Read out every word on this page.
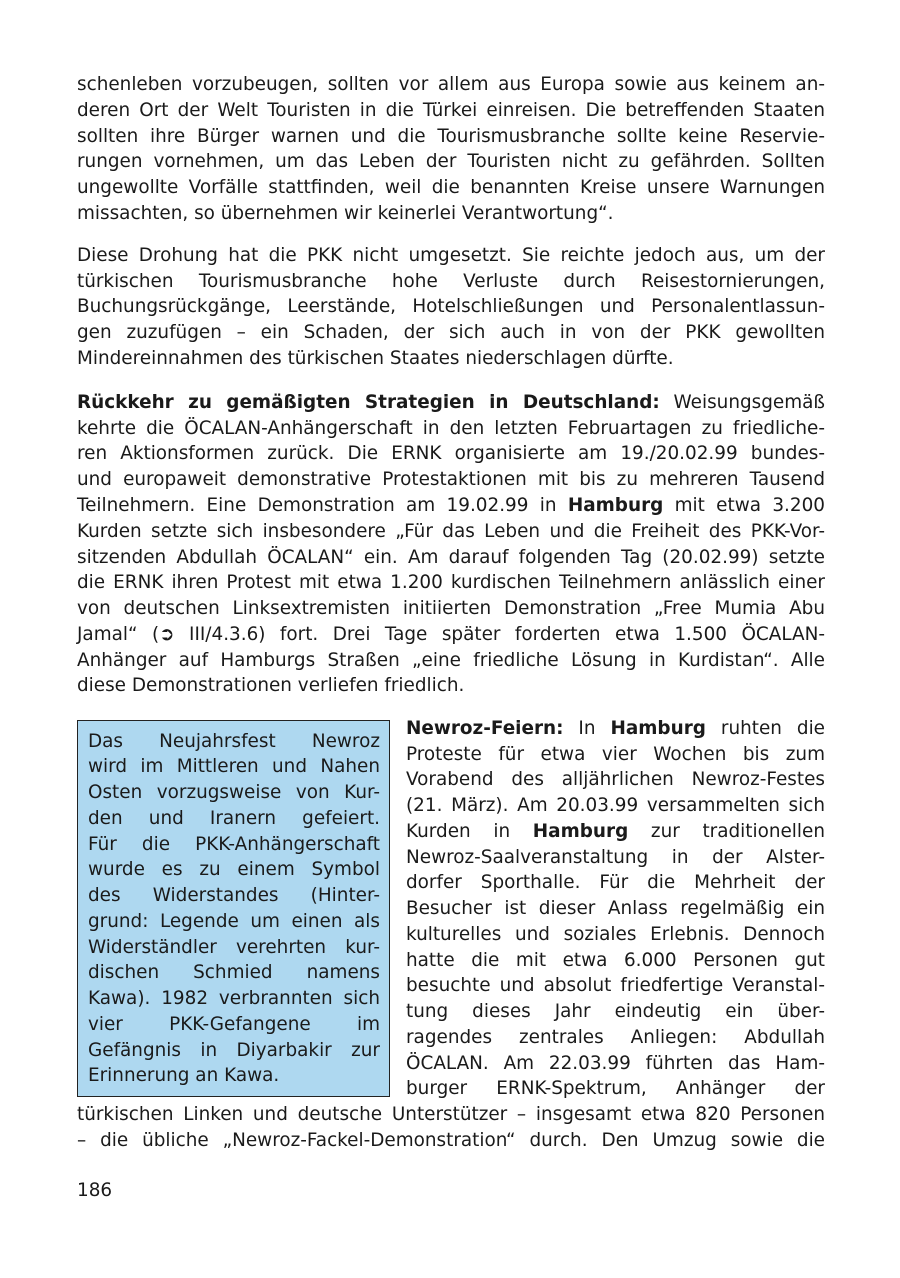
schenleben vorzubeugen, sollten vor allem aus Europa sowie aus keinem an-
deren Ort der Welt Touristen in die Türkei einreisen. Die betreffenden Staaten
sollten ihre Bürger warnen und die Tourismusbranche sollte keine Reservie-
rungen vornehmen, um das Leben der Touristen nicht zu gefährden. Sollten
ungewollte Vorfälle stattfinden, weil die benannten Kreise unsere Warnungen
missachten, so übernehmen wir keinerlei Verantwortung“.
Diese Drohung hat die PKK nicht umgesetzt. Sie reichte jedoch aus, um der
türkischen Tourismusbranche hohe Verluste durch Reisestornierungen,
Buchungsrückgänge, Leerstände, Hotelschließungen und Personalentlassun-
gen zuzufügen – ein Schaden, der sich auch in von der PKK gewollten
Mindereinnahmen des türkischen Staates niederschlagen dürfte.
Rückkehr zu gemäßigten Strategien in Deutschland: Weisungsgemäß
kehrte die ÖCALAN-Anhängerschaft in den letzten Februartagen zu friedliche-
ren Aktionsformen zurück. Die ERNK organisierte am 19./20.02.99 bundes-
und europaweit demonstrative Protestaktionen mit bis zu mehreren Tausend
Teilnehmern. Eine Demonstration am 19.02.99 in Hamburg mit etwa 3.200
Kurden setzte sich insbesondere „Für das Leben und die Freiheit des PKK-Vor-
sitzenden Abdullah ÖCALAN“ ein. Am darauf folgenden Tag (20.02.99) setzte
die ERNK ihren Protest mit etwa 1.200 kurdischen Teilnehmern anlässlich einer
von deutschen Linksextremisten initiierten Demonstration „Free Mumia Abu
Jamal“ (➲ III/4.3.6) fort. Drei Tage später forderten etwa 1.500 ÖCALAN-
Anhänger auf Hamburgs Straßen „eine friedliche Lösung in Kurdistan“. Alle
diese Demonstrationen verliefen friedlich.
Das Neujahrsfest Newroz
wird im Mittleren und Nahen
Osten vorzugsweise von Kur-
den und Iranern gefeiert.
Für die PKK-Anhängerschaft
wurde es zu einem Symbol
des Widerstandes (Hinter-
grund: Legende um einen als
Widerständler verehrten kur-
dischen Schmied namens
Kawa). 1982 verbrannten sich
vier PKK-Gefangene im
Gefängnis in Diyarbakir zur
Erinnerung an Kawa.
Newroz-Feiern: In Hamburg ruhten die
Proteste für etwa vier Wochen bis zum
Vorabend des alljährlichen Newroz-Festes
(21. März). Am 20.03.99 versammelten sich
Kurden in Hamburg zur traditionellen
Newroz-Saalveranstaltung in der Alster-
dorfer Sporthalle. Für die Mehrheit der
Besucher ist dieser Anlass regelmäßig ein
kulturelles und soziales Erlebnis. Dennoch
hatte die mit etwa 6.000 Personen gut
besuchte und absolut friedfertige Veranstal-
tung dieses Jahr eindeutig ein über-
ragendes zentrales Anliegen: Abdullah
ÖCALAN. Am 22.03.99 führten das Ham-
burger ERNK-Spektrum, Anhänger der
türkischen Linken und deutsche Unterstützer – insgesamt etwa 820 Personen
– die übliche „Newroz-Fackel-Demonstration“ durch. Den Umzug sowie die
186
